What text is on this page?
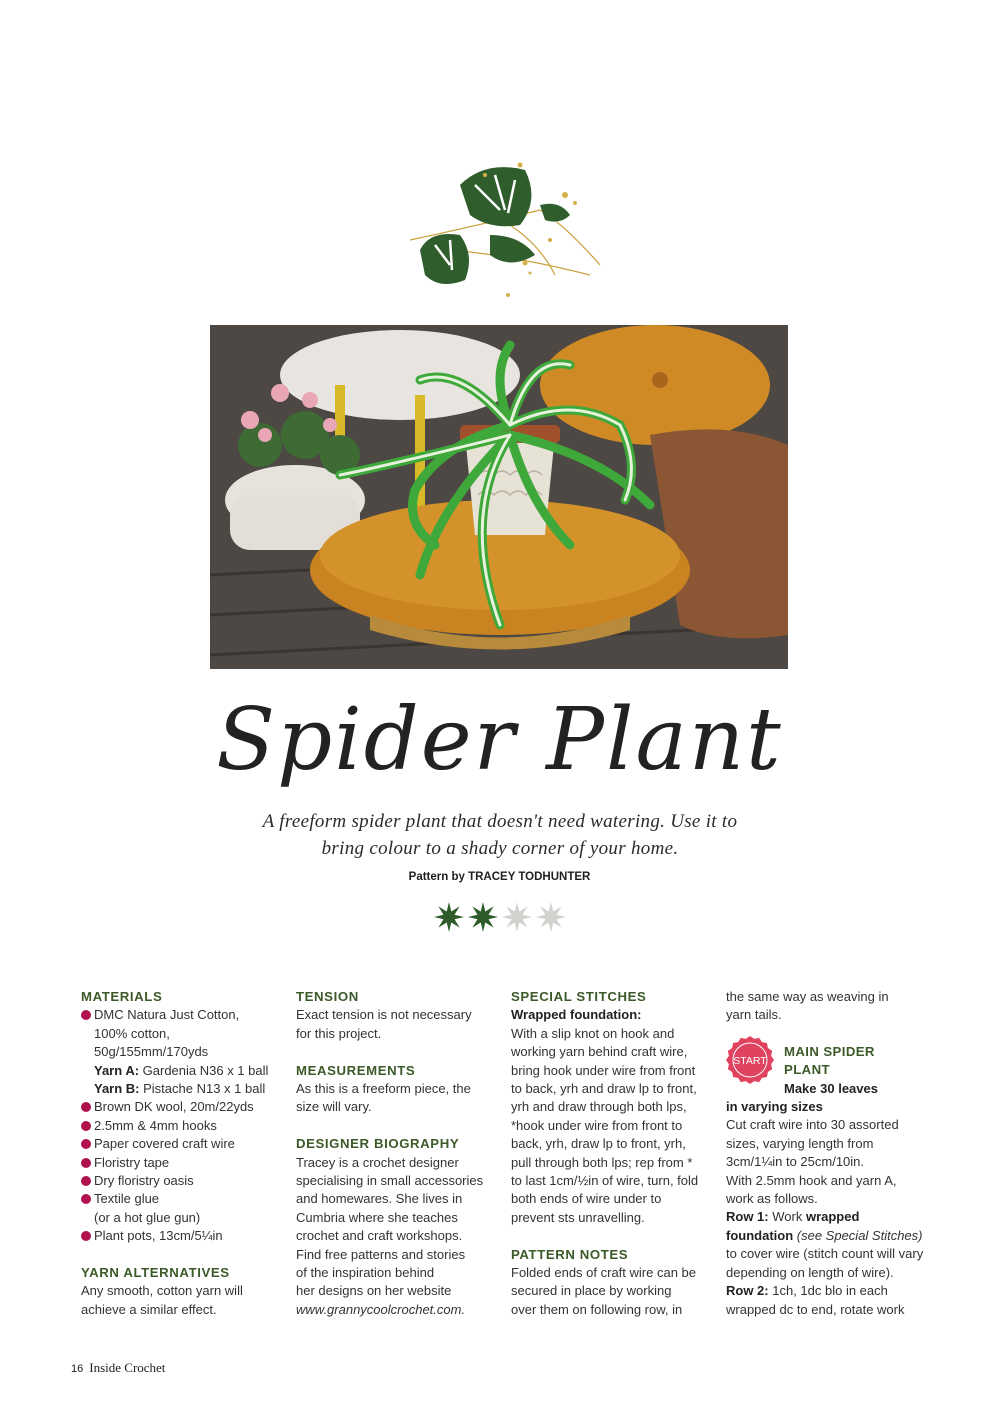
Spider Plant
A freeform spider plant that doesn't need watering. Use it to
bring colour to a shady corner of your home.
Pattern by TRACEY TODHUNTER

MATERIALS

DMC Natura Just Cotton,
100% cotton,
50g/155mm/170yds
Yarn A: Gardenia N36 x 1 ball
Yarn B: Pistache N13 x 1 ball
Brown DK wool, 20m/22yds
2.5mm & 4mm hooks
Paper covered craft wire
Floristry tape
Dry floristry oasis
Textile glue
(or a hot glue gun)
Plant pots, 13cm/5¼in

YARN ALTERNATIVES

Any smooth, cotton yarn will

achieve a similar effect.

TENSION

Exact tension is not necessary

for this project.

MEASUREMENTS

As this is a freeform piece, the

size will vary.

DESIGNER BIOGRAPHY

Tracey is a crochet designer

specialising in small accessories

and homewares. She lives in

Cumbria where she teaches

crochet and craft workshops.

Find free patterns and stories

of the inspiration behind

her designs on her website

www.grannycoolcrochet.com.

SPECIAL STITCHES

Wrapped foundation:

With a slip knot on hook and

working yarn behind craft wire,

bring hook under wire from front

to back, yrh and draw lp to front,

yrh and draw through both lps,

*hook under wire from front to

back, yrh, draw lp to front, yrh,

pull through both lps; rep from *

to last 1cm/½in of wire, turn, fold

both ends of wire under to

prevent sts unravelling.

PATTERN NOTES

Folded ends of craft wire can be

secured in place by working

over them on following row, in

the same way as weaving in

yarn tails.

START

MAIN SPIDER

PLANT

Make 30 leaves

in varying sizes

Cut craft wire into 30 assorted

sizes, varying length from

3cm/1¼in to 25cm/10in.

With 2.5mm hook and yarn A,

work as follows.

Row 1: Work wrapped

foundation (see Special Stitches)

to cover wire (stitch count will vary

depending on length of wire).

Row 2: 1ch, 1dc blo in each

wrapped dc to end, rotate work

16 Inside Crochet
